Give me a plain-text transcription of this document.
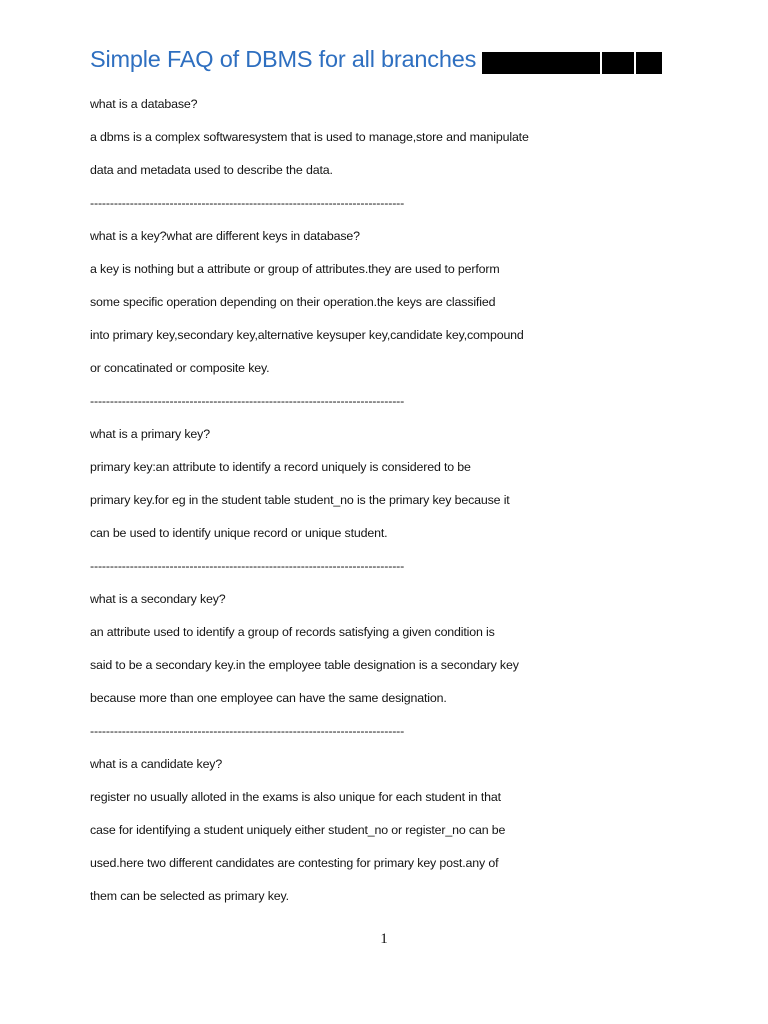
Simple FAQ of DBMS for all branches
what is a database?
a dbms is a complex softwaresystem that is used to manage,store and manipulate
data and metadata used to describe the data.
-------------------------------------------------------------------------------
what is a key?what are different keys in database?
a key is nothing but a attribute or group of attributes.they are used to perform
some specific operation depending on their operation.the keys are classified
into primary key,secondary key,alternative keysuper key,candidate key,compound
or concatinated or composite key.
-------------------------------------------------------------------------------
what is a primary key?
primary key:an attribute to identify a record uniquely is considered to be
primary key.for eg in the student table student_no is the primary key because it
can be used to identify unique record or unique student.
-------------------------------------------------------------------------------
what is a secondary key?
an attribute used to identify a group of records satisfying a given condition is
said to be a secondary key.in the employee table designation is a secondary key
because more than one employee can have the same designation.
-------------------------------------------------------------------------------
what is a candidate key?
register no usually alloted in the exams is also unique for each student in that
case for identifying a student uniquely either student_no or register_no can be
used.here two different candidates are contesting for primary key post.any of
them can be selected as primary key.
1
